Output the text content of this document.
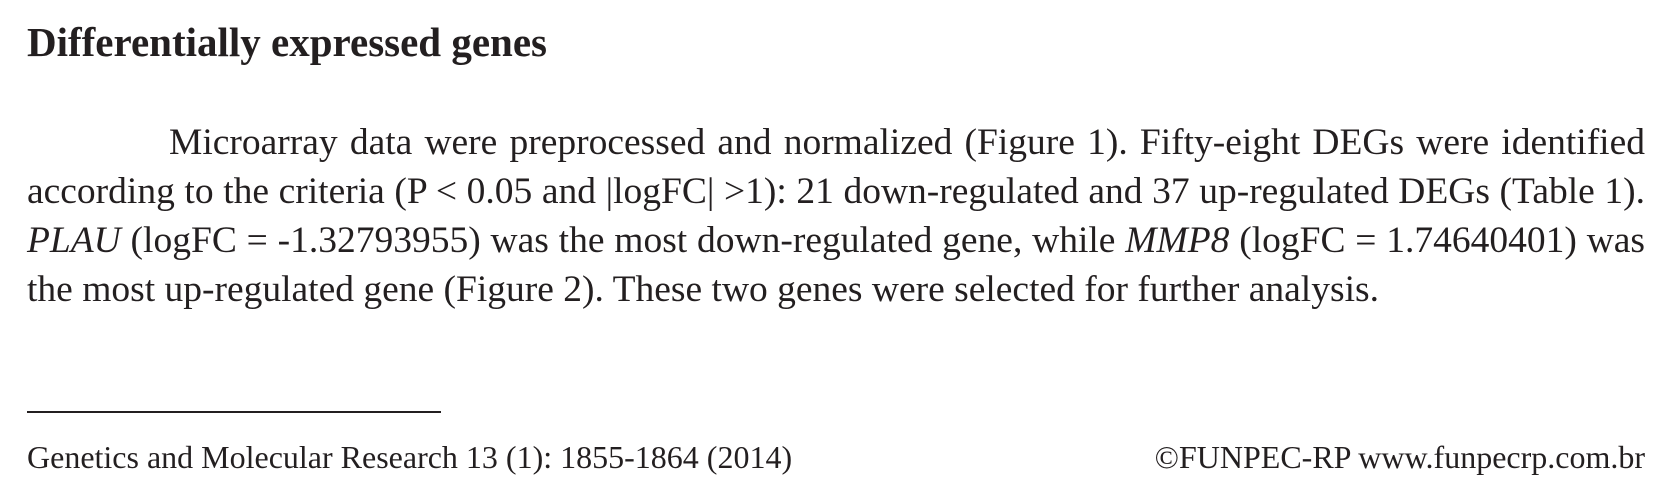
Differentially expressed genes

Microarray data were preprocessed and normalized (Figure 1). Fifty-eight DEGs were identified according to the criteria (P < 0.05 and |logFC| >1): 21 down-regulated and 37 up-regulated DEGs (Table 1). PLAU (logFC = -1.32793955) was the most down-regulated gene, while MMP8 (logFC = 1.74640401) was the most up-regulated gene (Figure 2). These two genes were selected for further analysis.

Genetics and Molecular Research 13 (1): 1855-1864 (2014)	©FUNPEC-RP www.funpecrp.com.br
